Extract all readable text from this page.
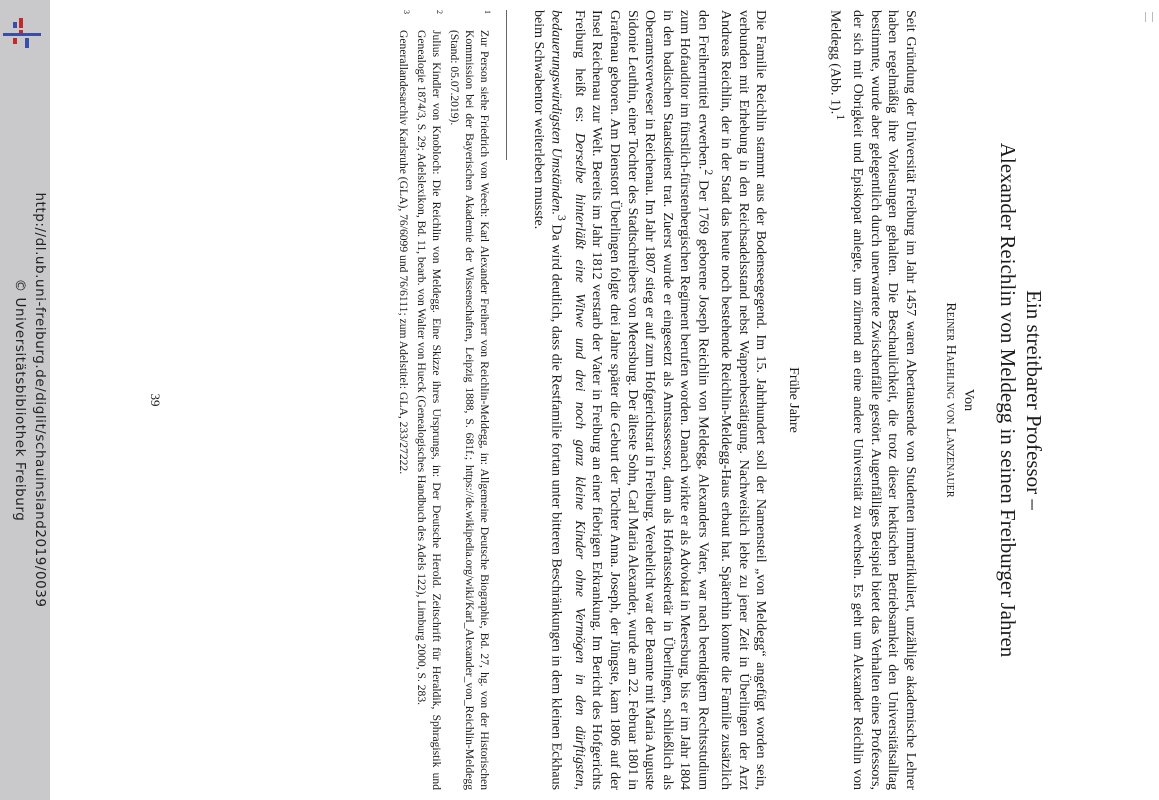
http://dl.ub.uni-freiburg.de/diglit/schauinsland2019/0039
© Universitätsbibliothek Freiburg	Ein streitbarer Professor –
Alexander Reichlin von Meldegg in seinen Freiburger Jahren
Von
Reiner Haehling von Lanzenauer

Seit Gründung der Universität Freiburg im Jahr 1457 waren Abertausende von Studenten immatrikuliert, unzählige akademische Lehrer haben regelmäßig ihre Vorlesungen gehalten. Die Beschaulichkeit, die trotz dieser hektischen Betriebsamkeit den Universitätsalltag bestimmte, wurde aber gelegentlich durch unerwartete Zwischenfälle gestört. Augenfälliges Beispiel bietet das Verhalten eines Professors, der sich mit Obrigkeit und Episkopat anlegte, um zürnend an eine andere Universität zu wechseln. Es geht um Alexander Reichlin von Meldegg (Abb. 1).$^1$

Frühe Jahre

Die Familie Reichlin stammt aus der Bodenseegegend. Im 15. Jahrhundert soll der Namensteil „von Meldegg“ angefügt worden sein, verbunden mit Erhebung in den Reichsadelsstand nebst Wappenbestätigung. Nachweislich lebte zu jener Zeit in Überlingen der Arzt Andreas Reichlin, der in der Stadt das heute noch bestehende Reichlin-Meldegg-Haus erbaut hat. Späterhin konnte die Familie zusätzlich den Freiherrntitel erwerben.$^2$ Der 1769 geborene Joseph Reichlin von Meldegg, Alexanders Vater, war nach beendigtem Rechtsstudium zum Hofauditor im fürstlich-fürstenbergischen Regiment berufen worden. Danach wirkte er als Advokat in Meersburg, bis er im Jahr 1804 in den badischen Staatsdienst trat. Zuerst wurde er eingesetzt als Amtsassessor, dann als Hofratssekretär in Überlingen, schließlich als Oberamtsverweser in Reichenau. Im Jahr 1807 stieg er auf zum Hofgerichtsrat in Freiburg. Verehelicht war der Beamte mit Maria Auguste Sidonie Leuthin, einer Tochter des Stadtschreibers von Meersburg. Der älteste Sohn, Carl Maria Alexander, wurde am 22. Februar 1801 in Grafenau geboren. Am Dienstort Überlingen folgte drei Jahre später die Geburt der Tochter Anna. Joseph, der Jüngste, kam 1806 auf der Insel Reichenau zur Welt. Bereits im Jahr 1812 verstarb der Vater in Freiburg an einer fiebrigen Erkrankung. Im Bericht des Hofgerichts Freiburg heißt es: Derselbe hinterläßt eine Witwe und drei noch ganz kleine Kinder ohne Vermögen in den dürftigsten, bedauerungswürdigsten Umständen.$^3$ Da wird deutlich, dass die Restfamilie fortan unter bitteren Beschränkungen in dem kleinen Eckhaus beim Schwabentor weiterleben musste.

1
Zur Person siehe Friedrich von Weech: Karl Alexander Freiherr von Reichlin-Meldegg, in: Allgemeine Deutsche Biographie, Bd. 27, hg. von der Historischen Kommission bei der Bayerischen Akademie der Wissenschaften, Leipzig 1888, S. 681f.; https://de.wikipedia.org/wiki/Karl_Alexander_von_Reichlin-Meldegg (Stand: 05.07.2019).

2
Julius Kindler von Knobloch: Die Reichlin von Meldegg. Eine Skizze ihres Ursprungs, in: Der Deutsche Herold. Zeitschrift für Heraldik, Sphragistik und Genealogie 1874/3, S. 29; Adelslexikon, Bd. 11, bearb. von Walter von Hueck (Genealogisches Handbuch des Adels 122), Limburg 2000, S. 283.

3
Generallandesarchiv Karlsruhe (GLA), 76/6099 und 76/6111; zum Adelstitel: GLA, 233/27222.

39
